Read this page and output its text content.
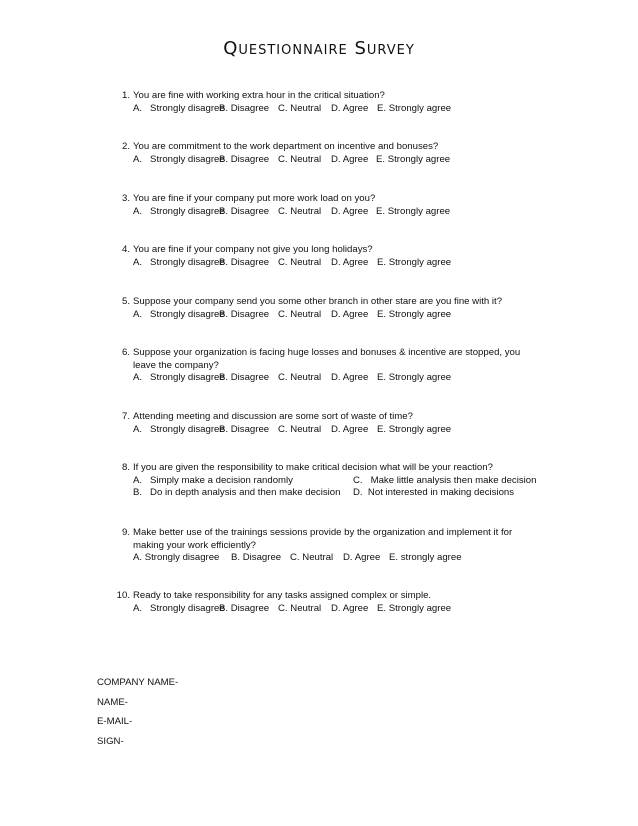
Questionnaire Survey
1. You are fine with working extra hour in the critical situation?
A.   Strongly disagreeB. Disagree C. Neutral D. Agree E. Strongly agree
2. You are commitment to the work department on incentive and bonuses?
A.   Strongly disagreeB. Disagree C. Neutral D. Agree E. Strongly agree
3. You are fine if your company put more work load on you?
A.   Strongly disagreeB. Disagree C. Neutral D. Agree E. Strongly agree
4. You are fine if your company not give you long holidays?
A.   Strongly disagreeB. Disagree C. Neutral D. Agree E. Strongly agree
5. Suppose your company send you some other branch in other stare are you fine with it?
A.   Strongly disagreeB. Disagree C. Neutral D. Agree E. Strongly agree
6. Suppose your organization is facing huge losses and bonuses & incentive are stopped, you leave the company?
A.   Strongly disagreeB. Disagree C. Neutral D. Agree E. Strongly agree
7. Attending meeting and discussion are some sort of waste of time?
A.   Strongly disagreeB. Disagree C. Neutral D. Agree E. Strongly agree
8. If you are given the responsibility to make critical decision what will be your reaction?
A.   Simply make a decision randomly	C.   Make little analysis then make decision
B.   Do in depth analysis and then make decision D.  Not interested in making decisions
9. Make better use of the trainings sessions provide by the organization and implement it for making your work efficiently?
A. Strongly disagree B. Disagree C. Neutral D. Agree E. strongly agree
10. Ready to take responsibility for any tasks assigned complex or simple.
A.   Strongly disagreeB. Disagree C. Neutral D. Agree E. Strongly agree
COMPANY NAME-
NAME-
E-MAIL-
SIGN-
